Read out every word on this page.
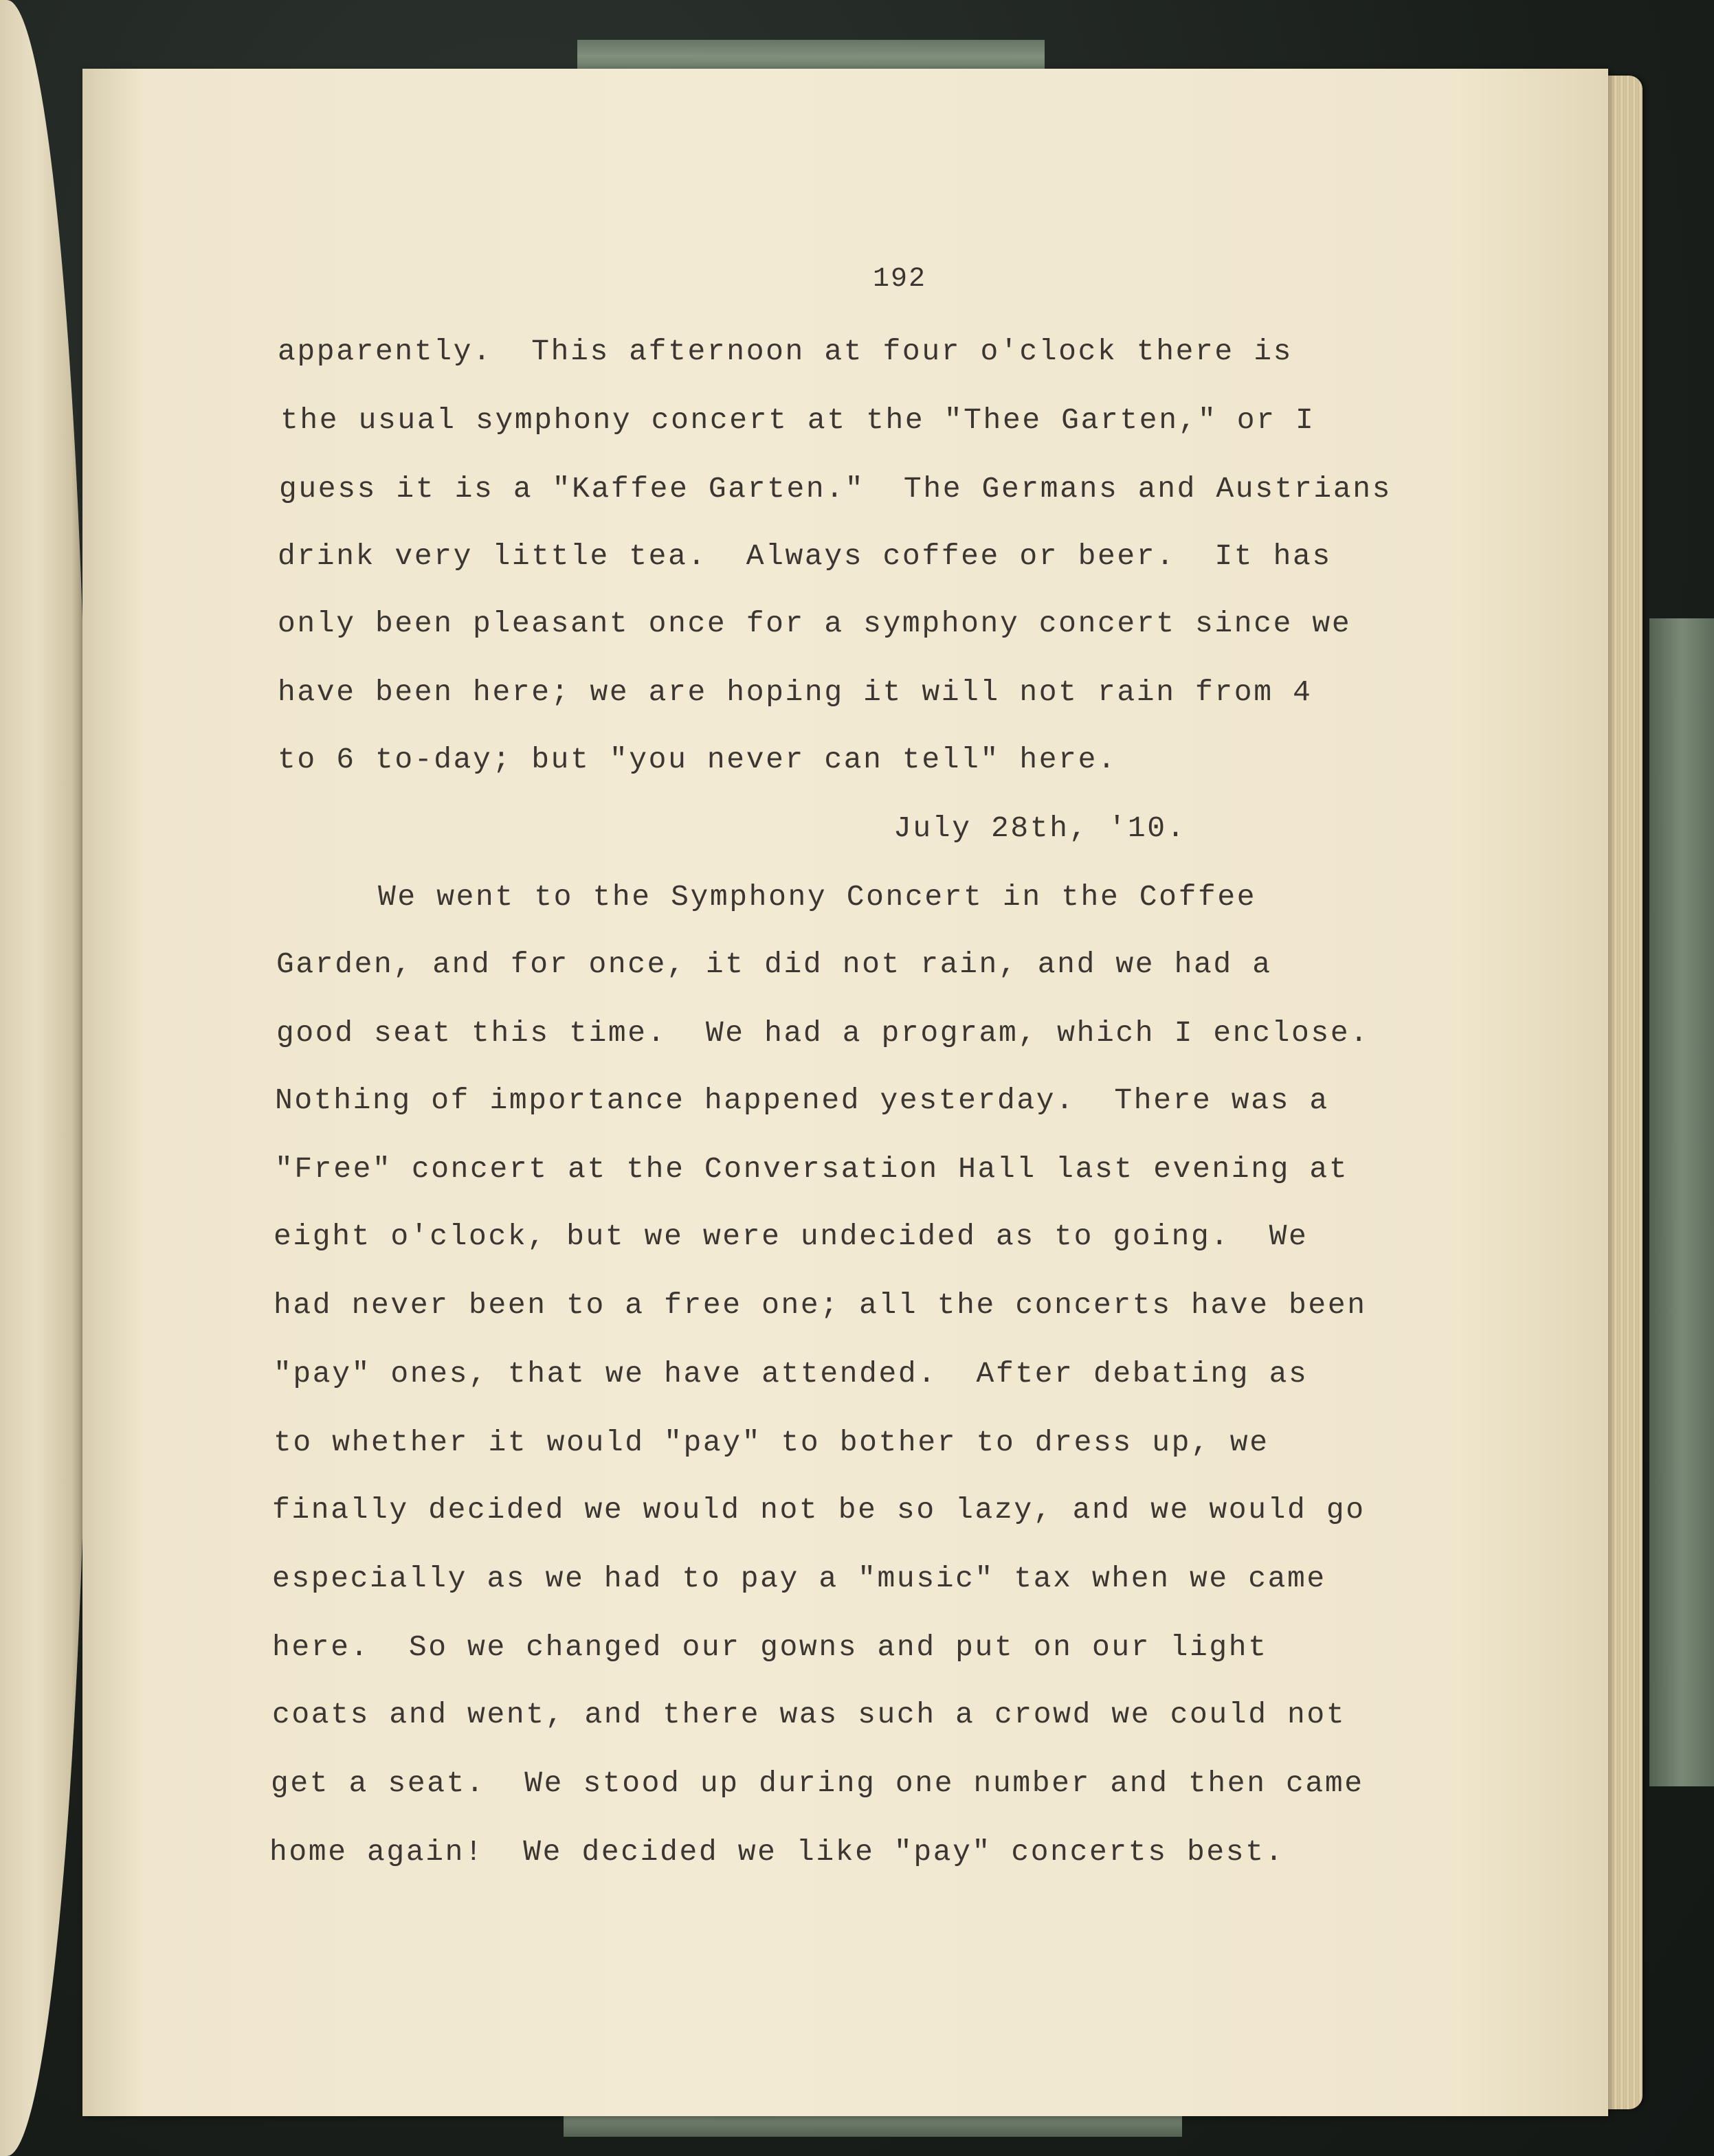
192
apparently.  This afternoon at four o'clock there is
the usual symphony concert at the "Thee Garten," or I
guess it is a "Kaffee Garten."  The Germans and Austrians
drink very little tea.  Always coffee or beer.  It has
only been pleasant once for a symphony concert since we
have been here; we are hoping it will not rain from 4
to 6 to-day; but "you never can tell" here.
July 28th, '10.
We went to the Symphony Concert in the Coffee
Garden, and for once, it did not rain, and we had a
good seat this time.  We had a program, which I enclose.
Nothing of importance happened yesterday.  There was a
"Free" concert at the Conversation Hall last evening at
eight o'clock, but we were undecided as to going.  We
had never been to a free one; all the concerts have been
"pay" ones, that we have attended.  After debating as
to whether it would "pay" to bother to dress up, we
finally decided we would not be so lazy, and we would go
especially as we had to pay a "music" tax when we came
here.  So we changed our gowns and put on our light
coats and went, and there was such a crowd we could not
get a seat.  We stood up during one number and then came
home again!  We decided we like "pay" concerts best.
